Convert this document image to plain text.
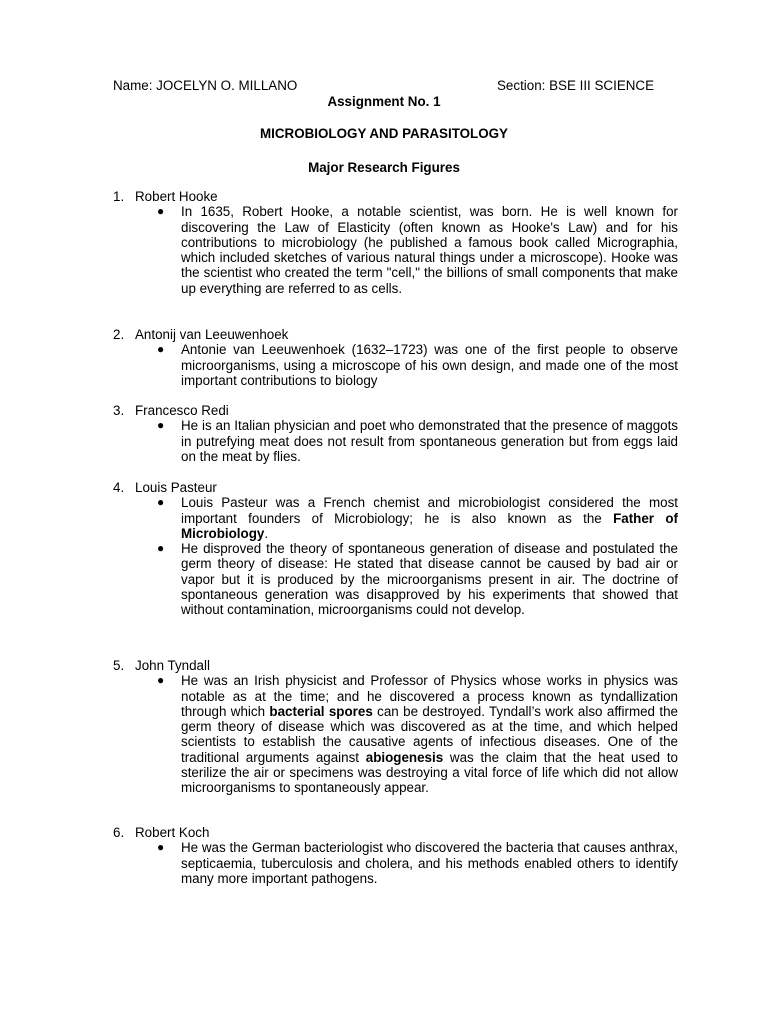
Name: JOCELYN O. MILLANO	Section: BSE III SCIENCE
Assignment No. 1
MICROBIOLOGY AND PARASITOLOGY
Major Research Figures
1. Robert Hooke
● In 1635, Robert Hooke, a notable scientist, was born. He is well known for discovering the Law of Elasticity (often known as Hooke's Law) and for his contributions to microbiology (he published a famous book called Micrographia, which included sketches of various natural things under a microscope). Hooke was the scientist who created the term "cell," the billions of small components that make up everything are referred to as cells.
2. Antonij van Leeuwenhoek
● Antonie van Leeuwenhoek (1632–1723) was one of the first people to observe microorganisms, using a microscope of his own design, and made one of the most important contributions to biology
3. Francesco Redi
● He is an Italian physician and poet who demonstrated that the presence of maggots in putrefying meat does not result from spontaneous generation but from eggs laid on the meat by flies.
4. Louis Pasteur
● Louis Pasteur was a French chemist and microbiologist considered the most important founders of Microbiology; he is also known as the Father of Microbiology.
● He disproved the theory of spontaneous generation of disease and postulated the germ theory of disease: He stated that disease cannot be caused by bad air or vapor but it is produced by the microorganisms present in air. The doctrine of spontaneous generation was disapproved by his experiments that showed that without contamination, microorganisms could not develop.
5. John Tyndall
● He was an Irish physicist and Professor of Physics whose works in physics was notable as at the time; and he discovered a process known as tyndallization through which bacterial spores can be destroyed. Tyndall’s work also affirmed the germ theory of disease which was discovered as at the time, and which helped scientists to establish the causative agents of infectious diseases. One of the traditional arguments against abiogenesis was the claim that the heat used to sterilize the air or specimens was destroying a vital force of life which did not allow microorganisms to spontaneously appear.
6. Robert Koch
● He was the German bacteriologist who discovered the bacteria that causes anthrax, septicaemia, tuberculosis and cholera, and his methods enabled others to identify many more important pathogens.
